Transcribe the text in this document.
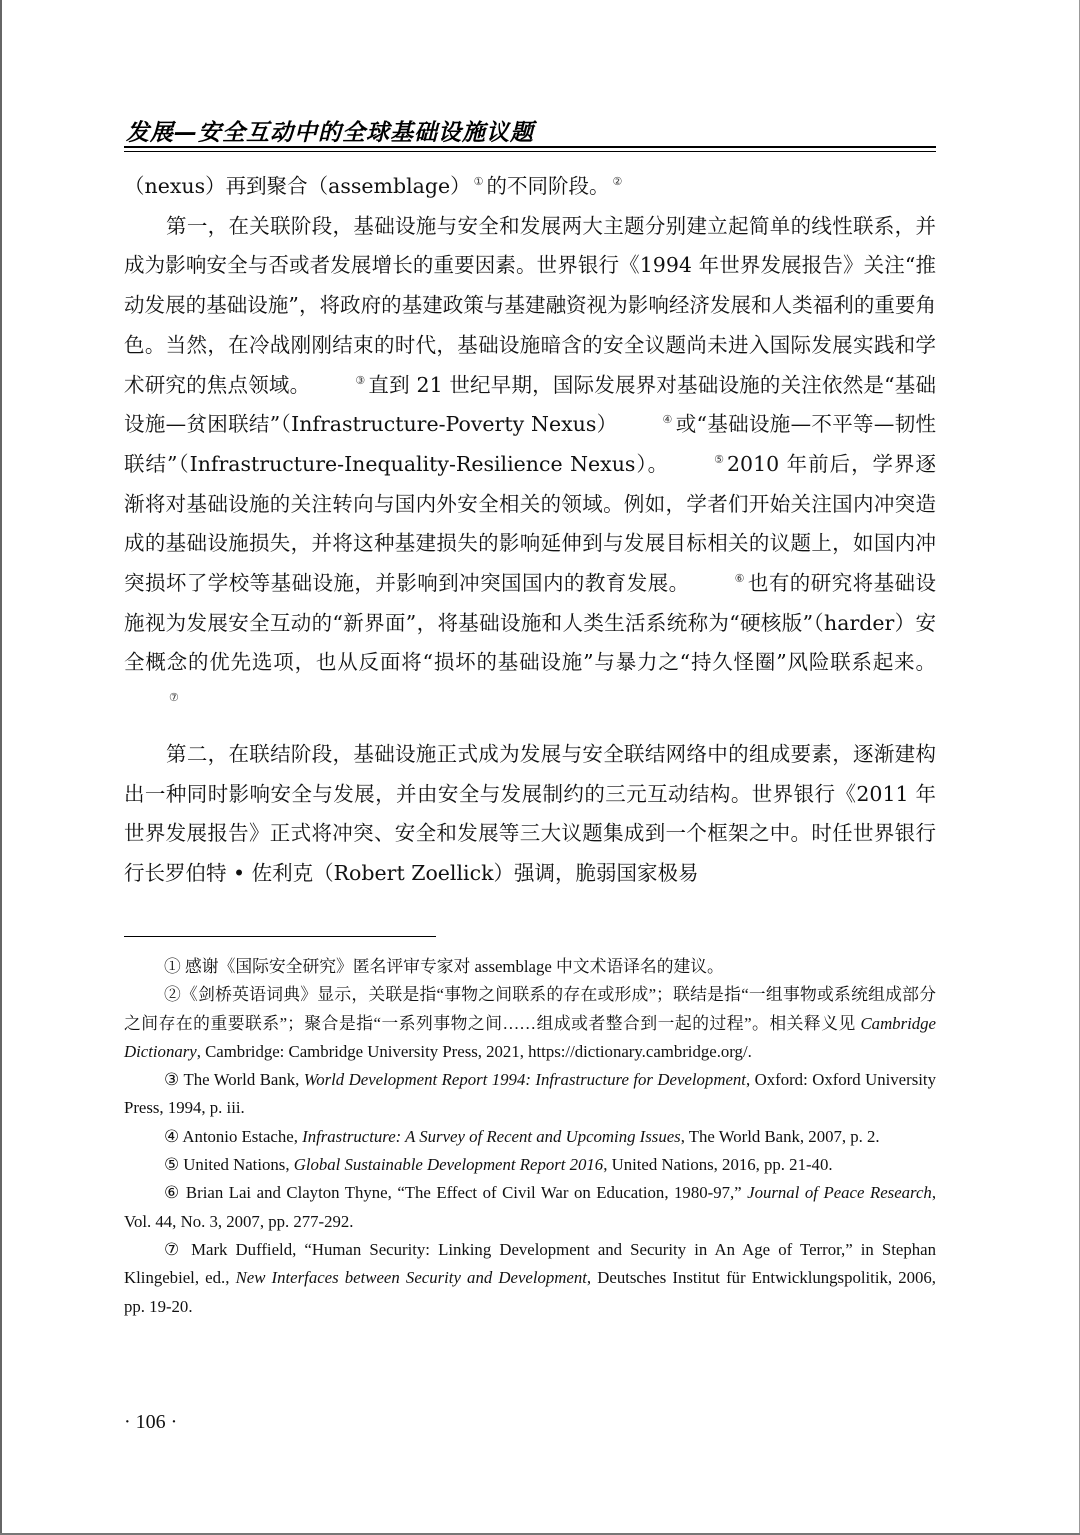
发展—安全互动中的全球基础设施议题

（nexus）再到聚合（assemblage） ① 的不同阶段。 ②

第一，在关联阶段，基础设施与安全和发展两大主题分别建立起简单的线性联系，并成为影响安全与否或者发展增长的重要因素。世界银行《1994 年世界发展报告》关注“推动发展的基础设施”，将政府的基建政策与基建融资视为影响经济发展和人类福利的重要角色。当然，在冷战刚刚结束的时代，基础设施暗含的安全议题尚未进入国际发展实践和学术研究的焦点领域。	③ 直到 21 世纪早期，国际发展界对基础设施的关注依然是“基础设施—贫困联结”（Infrastructure-Poverty Nexus）	④ 或“基础设施—不平等—韧性联结”（Infrastructure-Inequality-Resilience Nexus）。	⑤ 2010 年前后，学界逐渐将对基础设施的关注转向与国内外安全相关的领域。例如，学者们开始关注国内冲突造成的基础设施损失，并将这种基建损失的影响延伸到与发展目标相关的议题上，如国内冲突损坏了学校等基础设施，并影响到冲突国国内的教育发展。	⑥ 也有的研究将基础设施视为发展安全互动的“新界面”，将基础设施和人类生活系统称为“硬核版”（harder）安全概念的优先选项，也从反面将“损坏的基础设施”与暴力之“持久怪圈”风险联系起来。⑦

第二，在联结阶段，基础设施正式成为发展与安全联结网络中的组成要素，逐渐建构出一种同时影响安全与发展，并由安全与发展制约的三元互动结构。世界银行《2011 年世界发展报告》正式将冲突、安全和发展等三大议题集成到一个框架之中。时任世界银行行长罗伯特 • 佐利克（Robert Zoellick）强调，脆弱国家极易

① 感谢《国际安全研究》匿名评审专家对 assemblage 中文术语译名的建议。

②《剑桥英语词典》显示，关联是指“事物之间联系的存在或形成”；联结是指“一组事物或系统组成部分之间存在的重要联系”；聚合是指“一系列事物之间……组成或者整合到一起的过程”。相关释义见 Cambridge Dictionary, Cambridge: Cambridge University Press, 2021, https://dictionary.cambridge.org/.

③ The World Bank, World Development Report 1994: Infrastructure for Development, Oxford: Oxford University Press, 1994, p. iii.

④ Antonio Estache, Infrastructure: A Survey of Recent and Upcoming Issues, The World Bank, 2007, p. 2.

⑤ United Nations, Global Sustainable Development Report 2016, United Nations, 2016, pp. 21-40.

⑥ Brian Lai and Clayton Thyne, “The Effect of Civil War on Education, 1980-97,” Journal of Peace Research, Vol. 44, No. 3, 2007, pp. 277-292.

⑦ Mark Duffield, “Human Security: Linking Development and Security in An Age of Terror,” in Stephan Klingebiel, ed., New Interfaces between Security and Development, Deutsches Institut für Entwicklungspolitik, 2006, pp. 19-20.

· 106 ·
